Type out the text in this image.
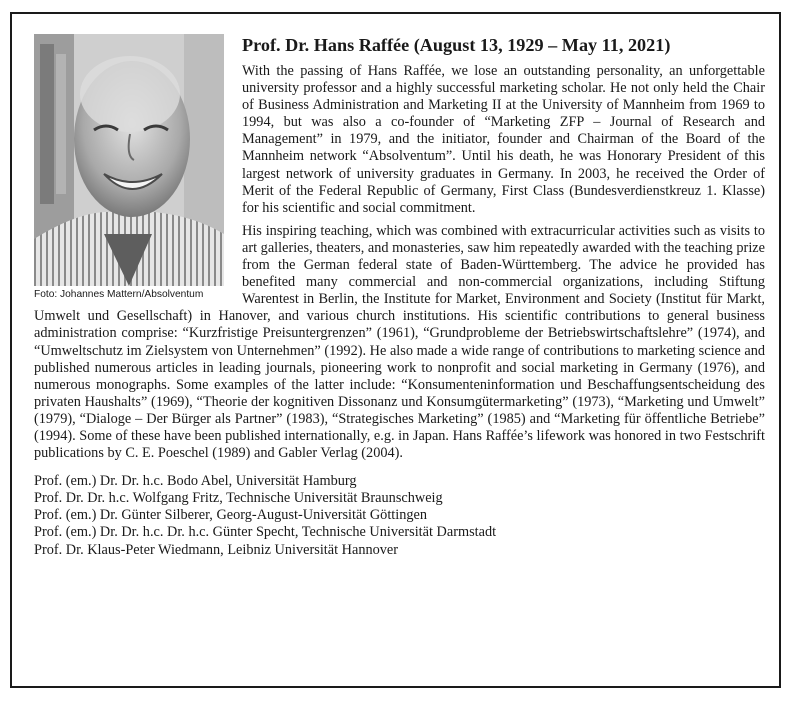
Foto: Johannes Mattern/Absolventum
Prof. Dr. Hans Raffée (August 13, 1929 – May 11, 2021)

With the passing of Hans Raffée, we lose an outstanding personality, an unforgettable university professor and a highly successful marketing scholar. He not only held the Chair of Business Administration and Marketing II at the University of Mannheim from 1969 to 1994, but was also a co-founder of “Marketing ZFP – Journal of Research and Management” in 1979, and the initiator, founder and Chairman of the Board of the Mannheim network “Absolventum”. Until his death, he was Honorary President of this largest network of university graduates in Germany. In 2003, he received the Order of Merit of the Federal Republic of Germany, First Class (Bundesverdienstkreuz 1. Klasse) for his scientific and social commitment.

His inspiring teaching, which was combined with extracurricular activities such as visits to art galleries, theaters, and monasteries, saw him repeatedly awarded with the teaching prize from the German federal state of Baden-Württemberg. The advice he provided has benefited many commercial and non-commercial organizations, including Stiftung Warentest in Berlin, the Institute for Market, Environment and Society (Institut für Markt, Umwelt und Gesellschaft) in Hanover, and various church institutions. His scientific contributions to general business administration comprise: “Kurzfristige Preisuntergrenzen” (1961), “Grundprobleme der Betriebswirtschaftslehre” (1974), and “Umweltschutz im Zielsystem von Unternehmen” (1992). He also made a wide range of contributions to marketing science and published numerous articles in leading journals, pioneering work to nonprofit and social marketing in Germany (1976), and numerous monographs. Some examples of the latter include: “Konsumenteninformation und Beschaffungsentscheidung des privaten Haushalts” (1969), “Theorie der kognitiven Dissonanz und Konsumgütermarketing” (1973), “Marketing und Umwelt” (1979), “Dialoge – Der Bürger als Partner” (1983), “Strategisches Marketing” (1985) and “Marketing für öffentliche Betriebe” (1994). Some of these have been published internationally, e.g. in Japan. Hans Raffée’s lifework was honored in two Festschrift publications by C. E. Poeschel (1989) and Gabler Verlag (2004).

Prof. (em.) Dr. Dr. h.c. Bodo Abel, Universität Hamburg
Prof. Dr. Dr. h.c. Wolfgang Fritz, Technische Universität Braunschweig
Prof. (em.) Dr. Günter Silberer, Georg-August-Universität Göttingen
Prof. (em.) Dr. Dr. h.c. Dr. h.c. Günter Specht, Technische Universität Darmstadt
Prof. Dr. Klaus-Peter Wiedmann, Leibniz Universität Hannover
